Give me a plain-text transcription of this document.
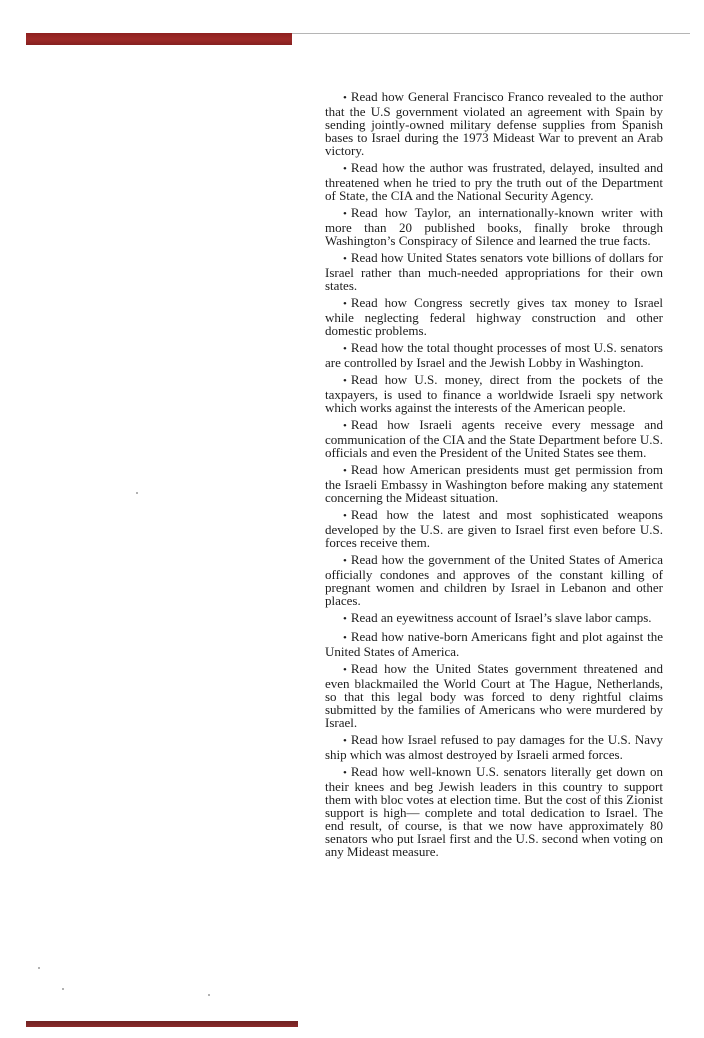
• Read how General Francisco Franco revealed to the author that the U.S government violated an agreement with Spain by sending jointly-owned military defense supplies from Spanish bases to Israel during the 1973 Mideast War to prevent an Arab victory.

• Read how the author was frustrated, delayed, insulted and threatened when he tried to pry the truth out of the Department of State, the CIA and the National Security Agency.

• Read how Taylor, an internationally-known writer with more than 20 published books, finally broke through Washington’s Conspiracy of Silence and learned the true facts.

• Read how United States senators vote billions of dollars for Israel rather than much-needed appropriations for their own states.

• Read how Congress secretly gives tax money to Israel while neglecting federal highway construction and other domestic problems.

• Read how the total thought processes of most U.S. senators are controlled by Israel and the Jewish Lobby in Washington.

• Read how U.S. money, direct from the pockets of the taxpayers, is used to finance a worldwide Israeli spy network which works against the interests of the American people.

• Read how Israeli agents receive every message and communication of the CIA and the State Department before U.S. officials and even the President of the United States see them.

• Read how American presidents must get permission from the Israeli Embassy in Washington before making any statement concerning the Mideast situation.

• Read how the latest and most sophisticated weapons developed by the U.S. are given to Israel first even before U.S. forces receive them.

• Read how the government of the United States of America officially condones and approves of the constant killing of pregnant women and children by Israel in Lebanon and other places.

• Read an eyewitness account of Israel’s slave labor camps.

• Read how native-born Americans fight and plot against the United States of America.

• Read how the United States government threatened and even blackmailed the World Court at The Hague, Netherlands, so that this legal body was forced to deny rightful claims submitted by the families of Americans who were murdered by Israel.

• Read how Israel refused to pay damages for the U.S. Navy ship which was almost destroyed by Israeli armed forces.

• Read how well-known U.S. senators literally get down on their knees and beg Jewish leaders in this country to support them with bloc votes at election time. But the cost of this Zionist support is high— complete and total dedication to Israel. The end result, of course, is that we now have approximately 80 senators who put Israel first and the U.S. second when voting on any Mideast measure.
